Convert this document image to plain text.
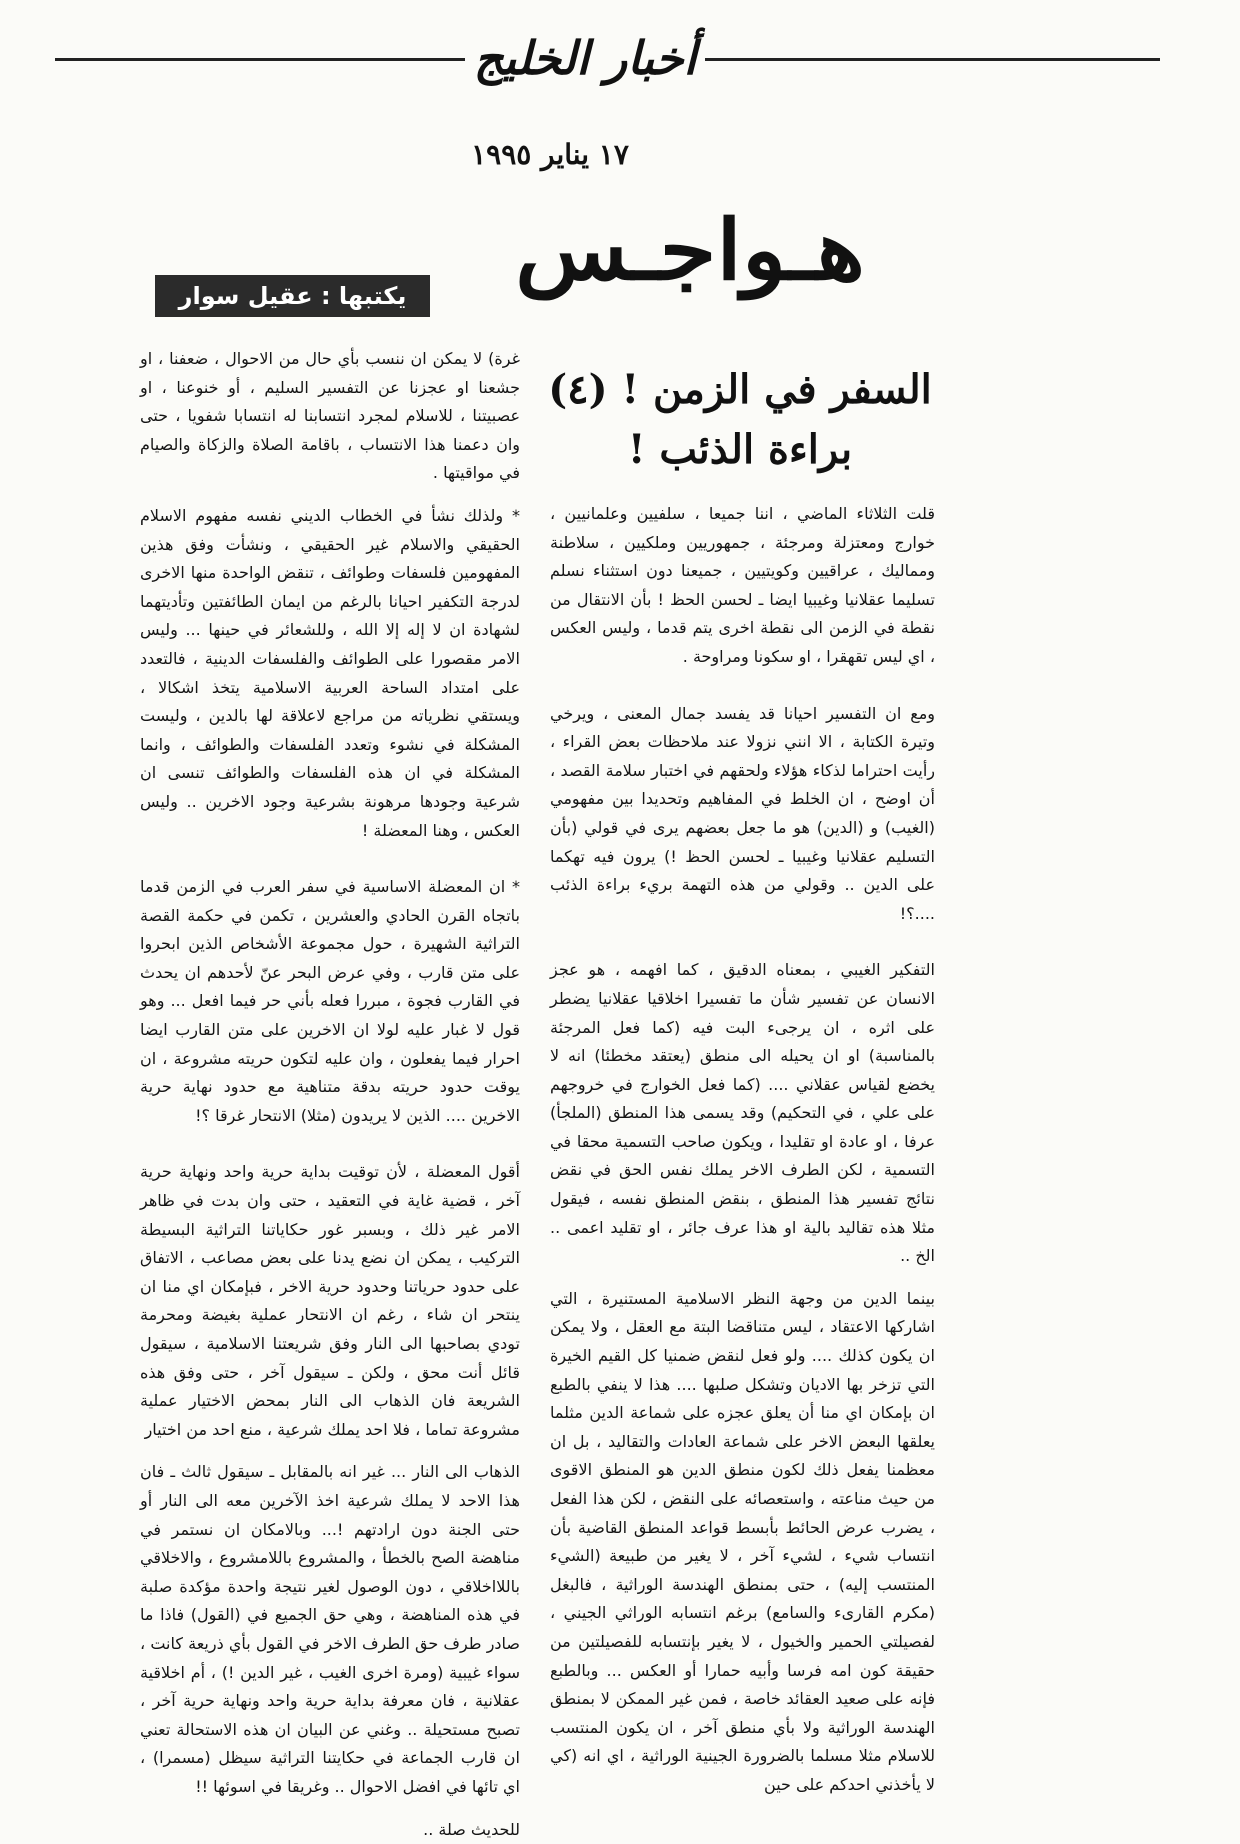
أخبار الخليج
١٧ يناير ١٩٩٥
هـواجـس
يكتبها : عقيل سوار
السفر في الزمن ! (٤)
براءة الذئب !

قلت الثلاثاء الماضي ، اننا جميعا ، سلفيين وعلمانيين ، خوارج ومعتزلة ومرجئة ، جمهوريين وملكيين ، سلاطنة ومماليك ، عراقيين وكويتيين ، جميعنا دون استثناء نسلم تسليما عقلانيا وغيبيا ايضا ـ لحسن الحظ ! بأن الانتقال من نقطة في الزمن الى نقطة اخرى يتم قدما ، وليس العكس ، اي ليس تقهقرا ، او سكونا ومراوحة .

ومع ان التفسير احيانا قد يفسد جمال المعنى ، ويرخي وتيرة الكتابة ، الا انني نزولا عند ملاحظات بعض القراء ، رأيت احتراما لذكاء هؤلاء ولحقهم في اختبار سلامة القصد ، أن اوضح ، ان الخلط في المفاهيم وتحديدا بين مفهومي (الغيب) و (الدين) هو ما جعل بعضهم يرى في قولي (بأن التسليم عقلانيا وغيبيا ـ لحسن الحظ !) يرون فيه تهكما على الدين .. وقولي من هذه التهمة بريء براءة الذئب ....؟!

التفكير الغيبي ، بمعناه الدقيق ، كما افهمه ، هو عجز الانسان عن تفسير شأن ما تفسيرا اخلاقيا عقلانيا يضطر على اثره ، ان يرجىء البت فيه (كما فعل المرجئة بالمناسبة) او ان يحيله الى منطق (يعتقد مخطئا) انه لا يخضع لقياس عقلاني .... (كما فعل الخوارج في خروجهم على علي ، في التحكيم) وقد يسمى هذا المنطق (الملجأ) عرفا ، او عادة او تقليدا ، ويكون صاحب التسمية محقا في التسمية ، لكن الطرف الاخر يملك نفس الحق في نقض نتائج تفسير هذا المنطق ، بنقض المنطق نفسه ، فيقول مثلا هذه تقاليد بالية او هذا عرف جائر ، او تقليد اعمى .. الخ ..

بينما الدين من وجهة النظر الاسلامية المستنيرة ، التي اشاركها الاعتقاد ، ليس متناقضا البتة مع العقل ، ولا يمكن ان يكون كذلك .... ولو فعل لنقض ضمنيا كل القيم الخيرة التي تزخر بها الاديان وتشكل صلبها .... هذا لا ينفي بالطبع ان بإمكان اي منا أن يعلق عجزه على شماعة الدين مثلما يعلقها البعض الاخر على شماعة العادات والتقاليد ، بل ان معظمنا يفعل ذلك لكون منطق الدين هو المنطق الاقوى من حيث مناعته ، واستعصائه على النقض ، لكن هذا الفعل ، يضرب عرض الحائط بأبسط قواعد المنطق القاضية بأن انتساب شيء ، لشيء آخر ، لا يغير من طبيعة (الشيء المنتسب إليه) ، حتى بمنطق الهندسة الوراثية ، فالبغل (مكرم القارىء والسامع) برغم انتسابه الوراثي الجيني ، لفصيلتي الحمير والخيول ، لا يغير بإنتسابه للفصيلتين من حقيقة كون امه فرسا وأبيه حمارا أو العكس ... وبالطبع فإنه على صعيد العقائد خاصة ، فمن غير الممكن لا بمنطق الهندسة الوراثية ولا بأي منطق آخر ، ان يكون المنتسب للاسلام مثلا مسلما بالضرورة الجينية الوراثية ، اي انه (كي لا يأخذني احدكم على حين

غرة) لا يمكن ان ننسب بأي حال من الاحوال ، ضعفنا ، او جشعنا او عجزنا عن التفسير السليم ، أو خنوعنا ، او عصبيتنا ، للاسلام لمجرد انتسابنا له انتسابا شفويا ، حتى وان دعمنا هذا الانتساب ، باقامة الصلاة والزكاة والصيام في مواقيتها .

* ولذلك نشأ في الخطاب الديني نفسه مفهوم الاسلام الحقيقي والاسلام غير الحقيقي ، ونشأت وفق هذين المفهومين فلسفات وطوائف ، تنقض الواحدة منها الاخرى لدرجة التكفير احيانا بالرغم من ايمان الطائفتين وتأديتهما لشهادة ان لا إله إلا الله ، وللشعائر في حينها ... وليس الامر مقصورا على الطوائف والفلسفات الدينية ، فالتعدد على امتداد الساحة العربية الاسلامية يتخذ اشكالا ، ويستقي نظرياته من مراجع لاعلاقة لها بالدين ، وليست المشكلة في نشوء وتعدد الفلسفات والطوائف ، وانما المشكلة في ان هذه الفلسفات والطوائف تنسى ان شرعية وجودها مرهونة بشرعية وجود الاخرين .. وليس العكس ، وهنا المعضلة !

* ان المعضلة الاساسية في سفر العرب في الزمن قدما باتجاه القرن الحادي والعشرين ، تكمن في حكمة القصة التراثية الشهيرة ، حول مجموعة الأشخاص الذين ابحروا على متن قارب ، وفي عرض البحر عنّ لأحدهم ان يحدث في القارب فجوة ، مبررا فعله بأني حر فيما افعل ... وهو قول لا غبار عليه لولا ان الاخرين على متن القارب ايضا احرار فيما يفعلون ، وان عليه لتكون حريته مشروعة ، ان يوقت حدود حريته بدقة متناهية مع حدود نهاية حرية الاخرين .... الذين لا يريدون (مثلا) الانتحار غرقا ؟!

أقول المعضلة ، لأن توقيت بداية حرية واحد ونهاية حرية آخر ، قضية غاية في التعقيد ، حتى وان بدت في ظاهر الامر غير ذلك ، وبسبر غور حكاياتنا التراثية البسيطة التركيب ، يمكن ان نضع يدنا على بعض مصاعب ، الاتفاق على حدود حرياتنا وحدود حرية الاخر ، فبإمكان اي منا ان ينتحر ان شاء ، رغم ان الانتحار عملية بغيضة ومحرمة تودي بصاحبها الى النار وفق شريعتنا الاسلامية ، سيقول قائل أنت محق ، ولكن ـ سيقول آخر ، حتى وفق هذه الشريعة فان الذهاب الى النار بمحض الاختيار عملية مشروعة تماما ، فلا احد يملك شرعية ، منع احد من اختيار

الذهاب الى النار ... غير انه بالمقابل ـ سيقول ثالث ـ فان هذا الاحد لا يملك شرعية اخذ الآخرين معه الى النار أو حتى الجنة دون ارادتهم !... وبالامكان ان نستمر في مناهضة الصح بالخطأ ، والمشروع باللامشروع ، والاخلاقي باللااخلاقي ، دون الوصول لغير نتيجة واحدة مؤكدة صلبة في هذه المناهضة ، وهي حق الجميع في (القول) فاذا ما صادر طرف حق الطرف الاخر في القول بأي ذريعة كانت ، سواء غيبية (ومرة اخرى الغيب ، غير الدين !) ، أم اخلاقية عقلانية ، فان معرفة بداية حرية واحد ونهاية حرية آخر ، تصبح مستحيلة .. وغني عن البيان ان هذه الاستحالة تعني ان قارب الجماعة في حكايتنا التراثية سيظل (مسمرا) ، اي تائها في افضل الاحوال .. وغريقا في اسوئها !!

للحديث صلة ..
